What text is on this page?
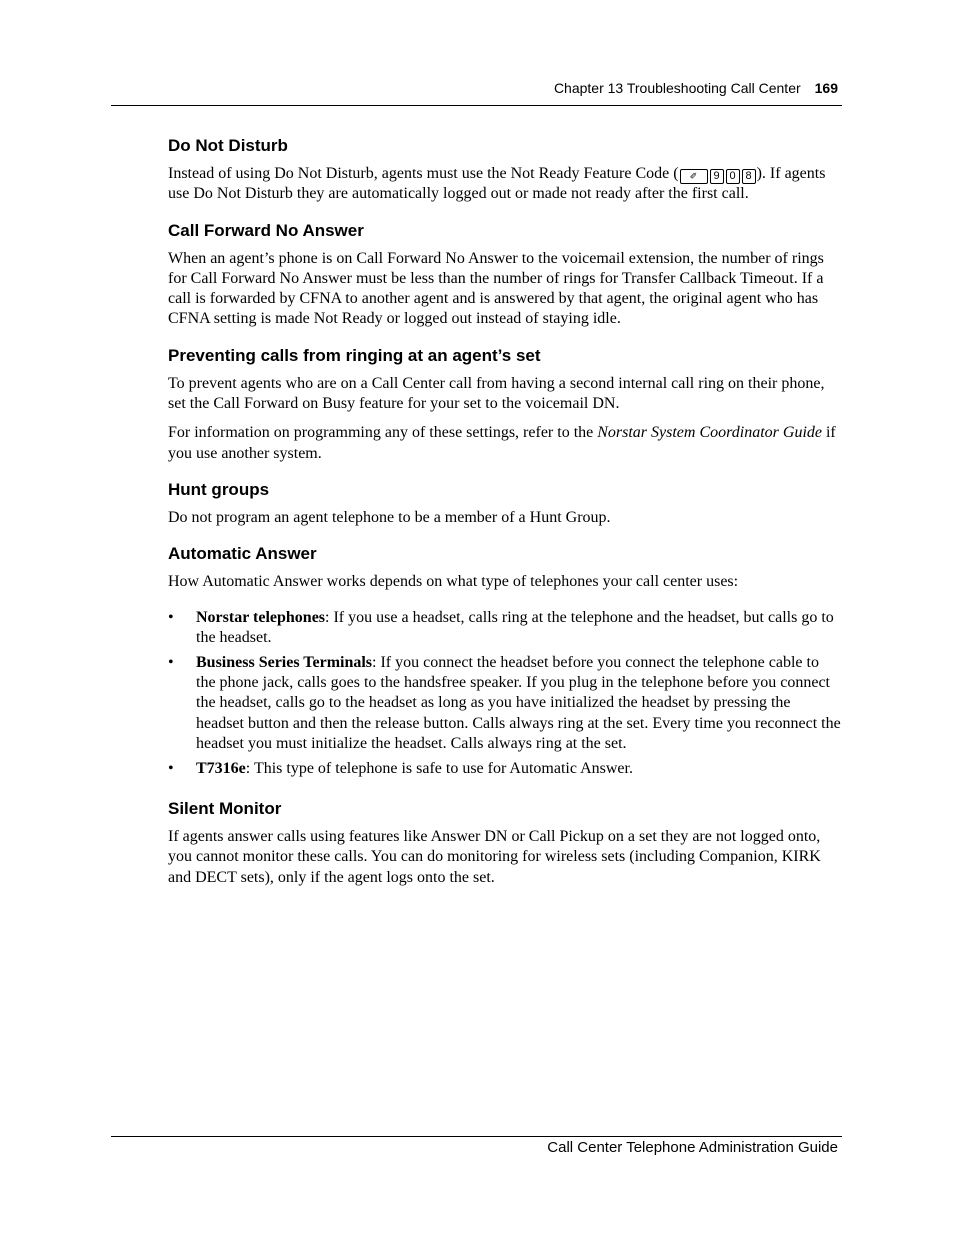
Chapter 13 Troubleshooting Call Center 169
Do Not Disturb

Instead of using Do Not Disturb, agents must use the Not Ready Feature Code ( ✐ 9 0 8 ). If agents use Do Not Disturb they are automatically logged out or made not ready after the first call.

Call Forward No Answer

When an agent’s phone is on Call Forward No Answer to the voicemail extension, the number of rings for Call Forward No Answer must be less than the number of rings for Transfer Callback Timeout. If a call is forwarded by CFNA to another agent and is answered by that agent, the original agent who has CFNA setting is made Not Ready or logged out instead of staying idle.

Preventing calls from ringing at an agent’s set

To prevent agents who are on a Call Center call from having a second internal call ring on their phone, set the Call Forward on Busy feature for your set to the voicemail DN.

For information on programming any of these settings, refer to the Norstar System Coordinator Guide if you use another system.

Hunt groups

Do not program an agent telephone to be a member of a Hunt Group.

Automatic Answer

How Automatic Answer works depends on what type of telephones your call center uses:

• Norstar telephones: If you use a headset, calls ring at the telephone and the headset, but calls go to the headset.
• Business Series Terminals: If you connect the headset before you connect the telephone cable to the phone jack, calls goes to the handsfree speaker. If you plug in the telephone before you connect the headset, calls go to the headset as long as you have initialized the headset by pressing the headset button and then the release button. Calls always ring at the set. Every time you reconnect the headset you must initialize the headset. Calls always ring at the set.
• T7316e: This type of telephone is safe to use for Automatic Answer.
Silent Monitor

If agents answer calls using features like Answer DN or Call Pickup on a set they are not logged onto, you cannot monitor these calls. You can do monitoring for wireless sets (including Companion, KIRK and DECT sets), only if the agent logs onto the set.

Call Center Telephone Administration Guide
